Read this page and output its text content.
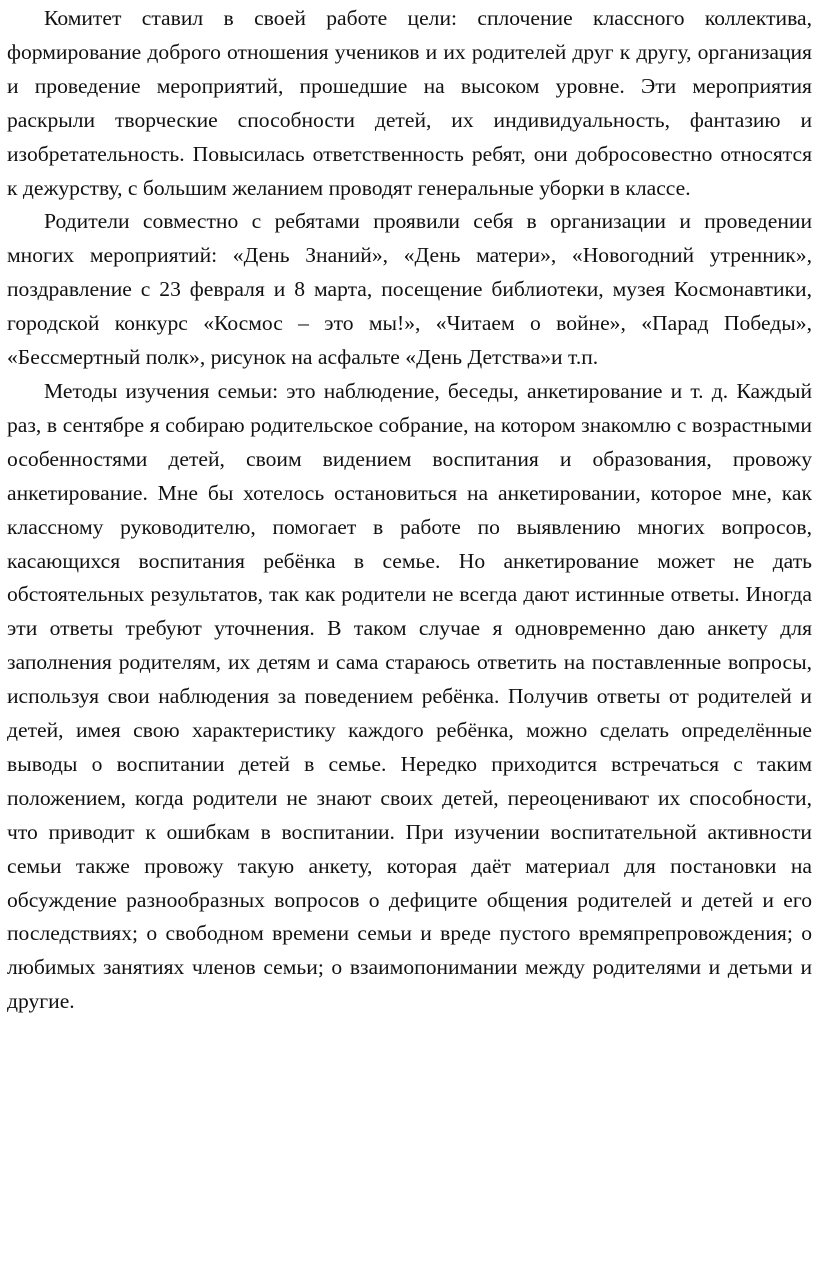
Комитет ставил в своей работе цели: сплочение классного коллектива, формирование доброго отношения учеников и их родителей друг к другу, организация и проведение мероприятий, прошедшие на высоком уровне. Эти мероприятия раскрыли творческие способности детей, их индивидуальность, фантазию и изобретательность. Повысилась ответственность ребят, они добросовестно относятся к дежурству, с большим желанием проводят генеральные уборки в классе.

Родители совместно с ребятами проявили себя в организации и проведении многих мероприятий: «День Знаний», «День матери», «Новогодний утренник», поздравление с 23 февраля и 8 марта, посещение библиотеки, музея Космонавтики, городской конкурс «Космос – это мы!», «Читаем о войне», «Парад Победы», «Бессмертный полк», рисунок на асфальте «День Детства»и т.п.

Методы изучения семьи: это наблюдение, беседы, анкетирование и т. д. Каждый раз, в сентябре я собираю родительское собрание, на котором знакомлю с возрастными особенностями детей, своим видением воспитания и образования, провожу анкетирование. Мне бы хотелось остановиться на анкетировании, которое мне, как классному руководителю, помогает в работе по выявлению многих вопросов, касающихся воспитания ребёнка в семье. Но анкетирование может не дать обстоятельных результатов, так как родители не всегда дают истинные ответы. Иногда эти ответы требуют уточнения. В таком случае я одновременно даю анкету для заполнения родителям, их детям и сама стараюсь ответить на поставленные вопросы, используя свои наблюдения за поведением ребёнка. Получив ответы от родителей и детей, имея свою характеристику каждого ребёнка, можно сделать определённые выводы о воспитании детей в семье. Нередко приходится встречаться с таким положением, когда родители не знают своих детей, переоценивают их способности, что приводит к ошибкам в воспитании. При изучении воспитательной активности семьи также провожу такую анкету, которая даёт материал для постановки на обсуждение разнообразных вопросов о дефиците общения родителей и детей и его последствиях; о свободном времени семьи и вреде пустого времяпрепровождения; о любимых занятиях членов семьи; о взаимопонимании между родителями и детьми и другие.
